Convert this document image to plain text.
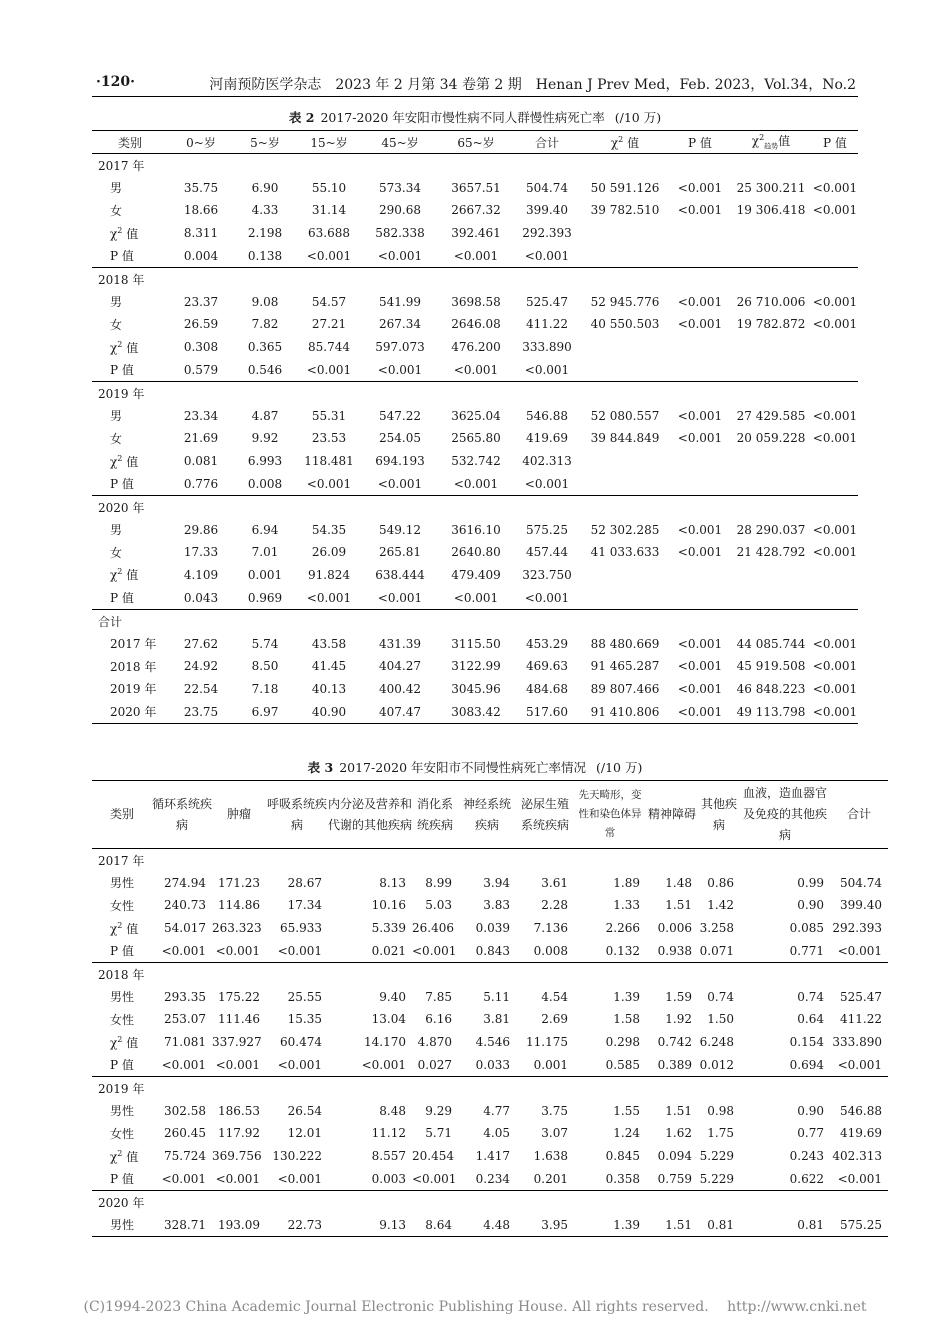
·120·	河南预防医学杂志　2023 年 2 月第 34 卷第 2 期　Henan J Prev Med，Feb. 2023，Vol.34，No.2
表 2 2017-2020 年安阳市慢性病不同人群慢性病死亡率 (/10 万)
类别	0~岁	5~岁	15~岁	45~岁	65~岁	合计	$\chi^2$ 值	P 值	$\chi^2_{趋势}$值	P 值
2017 年										
男	35.75	6.90	55.10	573.34	3657.51	504.74	50 591.126	<0.001	25 300.211	<0.001
女	18.66	4.33	31.14	290.68	2667.32	399.40	39 782.510	<0.001	19 306.418	<0.001
$\chi^2$ 值	8.311	2.198	63.688	582.338	392.461	292.393				
P 值	0.004	0.138	<0.001	<0.001	<0.001	<0.001				
2018 年										
男	23.37	9.08	54.57	541.99	3698.58	525.47	52 945.776	<0.001	26 710.006	<0.001
女	26.59	7.82	27.21	267.34	2646.08	411.22	40 550.503	<0.001	19 782.872	<0.001
$\chi^2$ 值	0.308	0.365	85.744	597.073	476.200	333.890				
P 值	0.579	0.546	<0.001	<0.001	<0.001	<0.001				
2019 年										
男	23.34	4.87	55.31	547.22	3625.04	546.88	52 080.557	<0.001	27 429.585	<0.001
女	21.69	9.92	23.53	254.05	2565.80	419.69	39 844.849	<0.001	20 059.228	<0.001
$\chi^2$ 值	0.081	6.993	118.481	694.193	532.742	402.313				
P 值	0.776	0.008	<0.001	<0.001	<0.001	<0.001				
2020 年										
男	29.86	6.94	54.35	549.12	3616.10	575.25	52 302.285	<0.001	28 290.037	<0.001
女	17.33	7.01	26.09	265.81	2640.80	457.44	41 033.633	<0.001	21 428.792	<0.001
$\chi^2$ 值	4.109	0.001	91.824	638.444	479.409	323.750				
P 值	0.043	0.969	<0.001	<0.001	<0.001	<0.001				
合计										
2017 年	27.62	5.74	43.58	431.39	3115.50	453.29	88 480.669	<0.001	44 085.744	<0.001
2018 年	24.92	8.50	41.45	404.27	3122.99	469.63	91 465.287	<0.001	45 919.508	<0.001
2019 年	22.54	7.18	40.13	400.42	3045.96	484.68	89 807.466	<0.001	46 848.223	<0.001
2020 年	23.75	6.97	40.90	407.47	3083.42	517.60	91 410.806	<0.001	49 113.798	<0.001
表 3 2017-2020 年安阳市不同慢性病死亡率情况 (/10 万)
类别	循环系统疾病	肿瘤	呼吸系统疾病	内分泌及营养和代谢的其他疾病	消化系统疾病	神经系统疾病	泌尿生殖系统疾病	先天畸形，变性和染色体异常	精神障碍	其他疾病	血液，造血器官及免疫的其他疾病	合计
2017 年												
男性	274.94	171.23	28.67	8.13	8.99	3.94	3.61	1.89	1.48	0.86	0.99	504.74
女性	240.73	114.86	17.34	10.16	5.03	3.83	2.28	1.33	1.51	1.42	0.90	399.40
$\chi^2$ 值	54.017	263.323	65.933	5.339	26.406	0.039	7.136	2.266	0.006	3.258	0.085	292.393
P 值	<0.001	<0.001	<0.001	0.021	<0.001	0.843	0.008	0.132	0.938	0.071	0.771	<0.001
2018 年												
男性	293.35	175.22	25.55	9.40	7.85	5.11	4.54	1.39	1.59	0.74	0.74	525.47
女性	253.07	111.46	15.35	13.04	6.16	3.81	2.69	1.58	1.92	1.50	0.64	411.22
$\chi^2$ 值	71.081	337.927	60.474	14.170	4.870	4.546	11.175	0.298	0.742	6.248	0.154	333.890
P 值	<0.001	<0.001	<0.001	<0.001	0.027	0.033	0.001	0.585	0.389	0.012	0.694	<0.001
2019 年												
男性	302.58	186.53	26.54	8.48	9.29	4.77	3.75	1.55	1.51	0.98	0.90	546.88
女性	260.45	117.92	12.01	11.12	5.71	4.05	3.07	1.24	1.62	1.75	0.77	419.69
$\chi^2$ 值	75.724	369.756	130.222	8.557	20.454	1.417	1.638	0.845	0.094	5.229	0.243	402.313
P 值	<0.001	<0.001	<0.001	0.003	<0.001	0.234	0.201	0.358	0.759	5.229	0.622	<0.001
2020 年												
男性	328.71	193.09	22.73	9.13	8.64	4.48	3.95	1.39	1.51	0.81	0.81	575.25
(C)1994-2023 China Academic Journal Electronic Publishing House. All rights reserved.　 http://www.cnki.net
